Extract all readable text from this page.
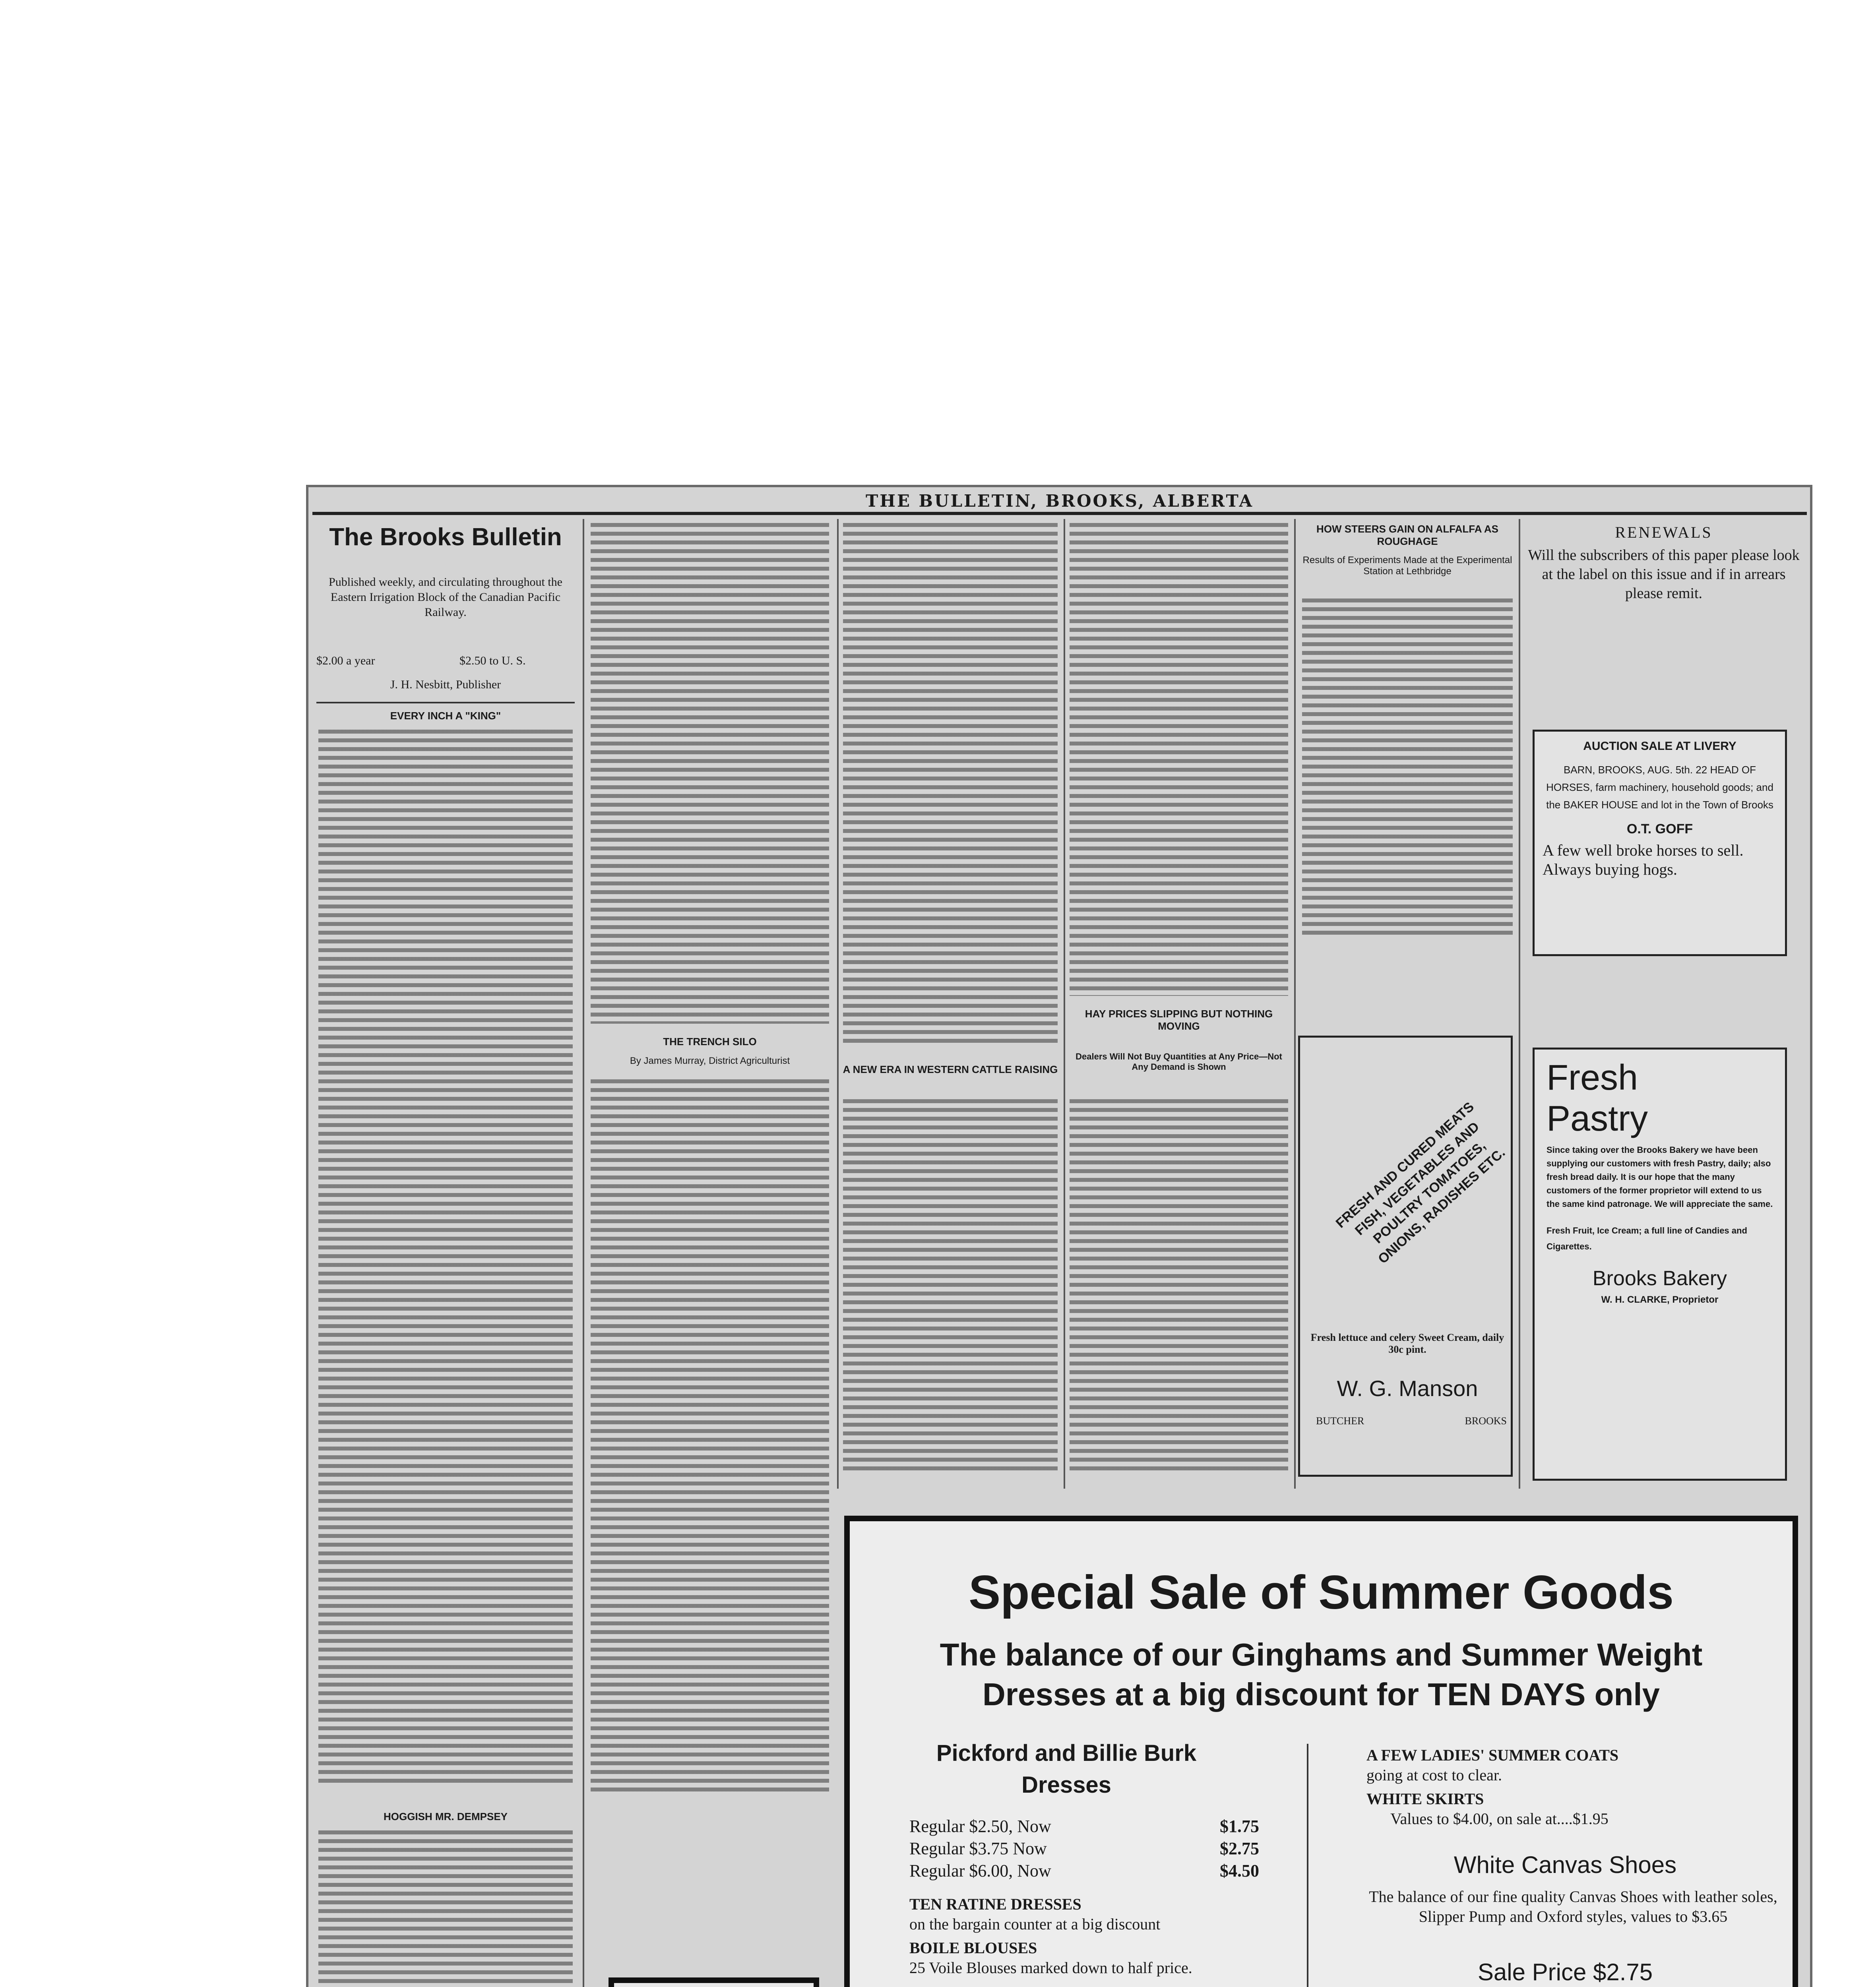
THE BULLETIN, BROOKS, ALBERTA
The Brooks Bulletin
Published weekly, and circulating throughout the Eastern Irrigation Block of the Canadian Pacific Railway.
$2.00 a year	$2.50 to U. S.
J. H. Nesbitt, Publisher
EVERY INCH A "KING"
HOGGISH MR. DEMPSEY
THE TRENCH SILO
By James Murray, District Agriculturist
A NEW ERA IN WESTERN CATTLE RAISING
HAY PRICES SLIPPING BUT NOTHING MOVING
Dealers Will Not Buy Quantities at Any Price—Not Any Demand is Shown
HOW STEERS GAIN ON ALFALFA AS ROUGHAGE
Results of Experiments Made at the Experimental Station at Lethbridge
FRESH AND CURED MEATS FISH, VEGETABLES AND POULTRY TOMATOES, ONIONS, RADISHES ETC.
Fresh lettuce and celery Sweet Cream, daily 30c pint.
W. G. Manson
BUTCHER	BROOKS
RENEWALS
Will the subscribers of this paper please look at the label on this issue and if in arrears please remit.
AUCTION SALE AT LIVERY
BARN, BROOKS, AUG. 5th. 22 HEAD OF HORSES, farm machinery, household goods; and the BAKER HOUSE and lot in the Town of Brooks
O.T. GOFF
A few well broke horses to sell. Always buying hogs.
Fresh
Pastry
Since taking over the Brooks Bakery we have been supplying our customers with fresh Pastry, daily; also fresh bread daily. It is our hope that the many customers of the former proprietor will extend to us the same kind patronage. We will appreciate the same.
Fresh Fruit, Ice Cream; a full line of Candies and Cigarettes.
Brooks Bakery
W. H. CLARKE, Proprietor
Special Sale of Summer Goods
The balance of our Ginghams and Summer Weight
Dresses at a big discount for TEN DAYS only
Pickford and Billie Burk
Dresses
Regular $2.50, Now	$1.75
Regular $3.75 Now	$2.75
Regular $6.00, Now	$4.50
TEN RATINE DRESSES
on the bargain counter at a big discount
BOILE BLOUSES
25 Voile Blouses marked down to half price.
A FEW LADIES' SUMMER COATS
going at cost to clear.
WHITE SKIRTS
Values to $4.00, on sale at....$1.95
White Canvas Shoes
The balance of our fine quality Canvas Shoes with leather soles, Slipper Pump and Oxford styles, values to $3.65
Sale Price $2.75
